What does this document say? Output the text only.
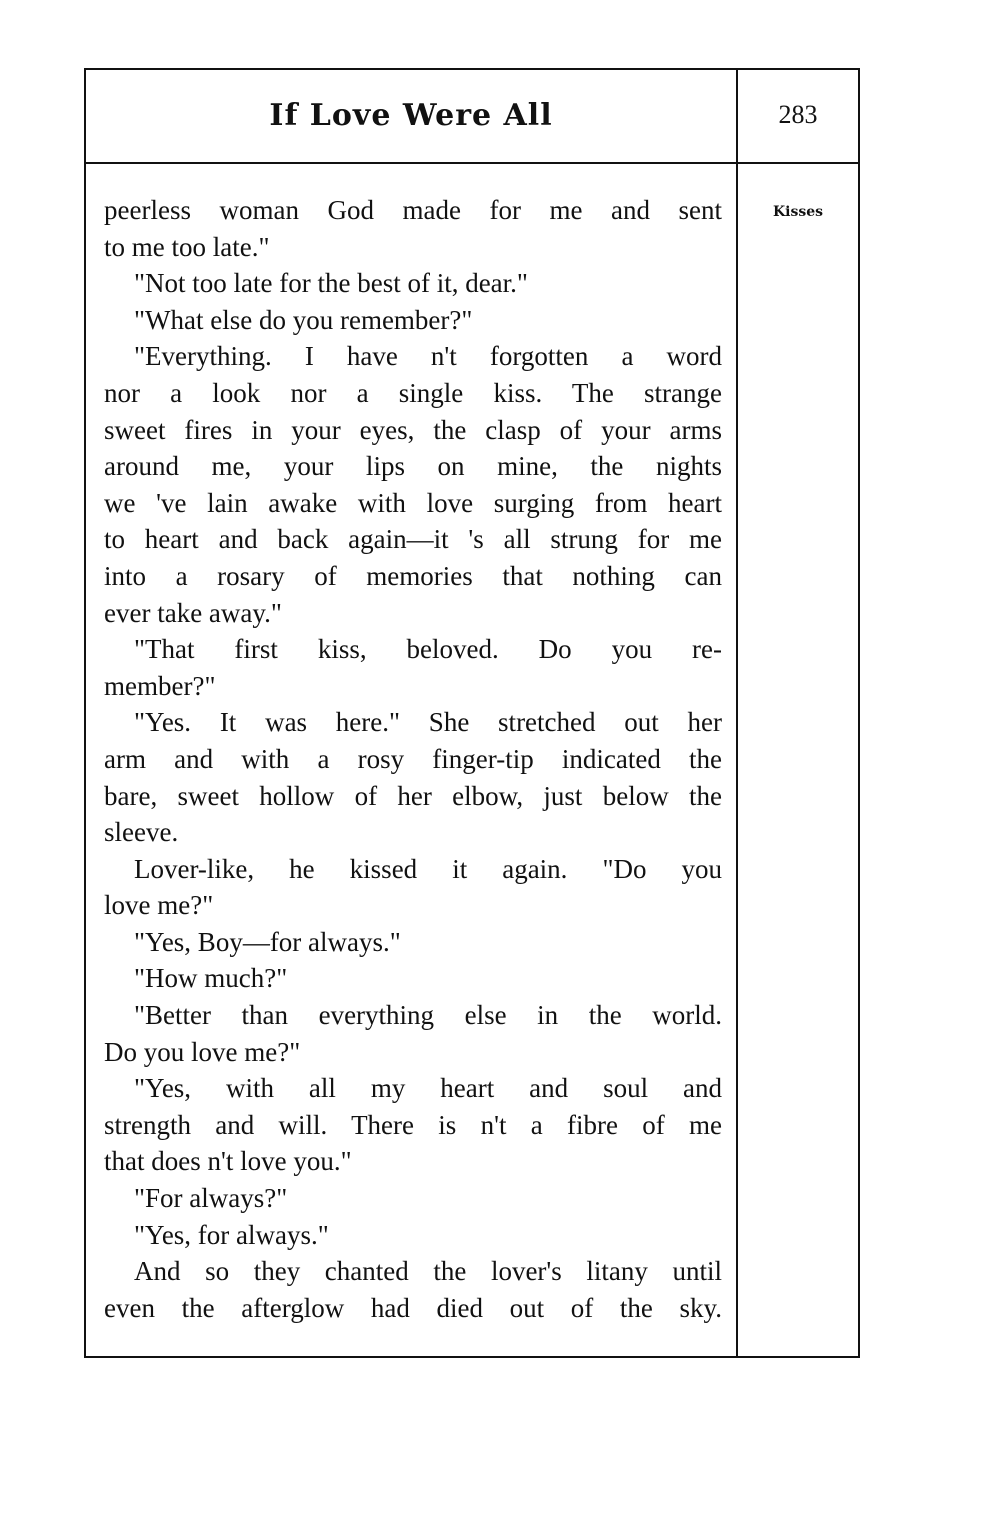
If Love Were All	283
Kisses
peerless woman God made for me and sent
to me too late."
"Not too late for the best of it, dear."
"What else do you remember?"
"Everything. I have n't forgotten a word
nor a look nor a single kiss. The strange
sweet fires in your eyes, the clasp of your arms
around me, your lips on mine, the nights
we 've lain awake with love surging from heart
to heart and back again—it 's all strung for me
into a rosary of memories that nothing can
ever take away."
"That first kiss, beloved. Do you re-
member?"
"Yes. It was here." She stretched out her
arm and with a rosy finger-tip indicated the
bare, sweet hollow of her elbow, just below the
sleeve.
Lover-like, he kissed it again. "Do you
love me?"
"Yes, Boy—for always."
"How much?"
"Better than everything else in the world.
Do you love me?"
"Yes, with all my heart and soul and
strength and will. There is n't a fibre of me
that does n't love you."
"For always?"
"Yes, for always."
And so they chanted the lover's litany until
even the afterglow had died out of the sky.
